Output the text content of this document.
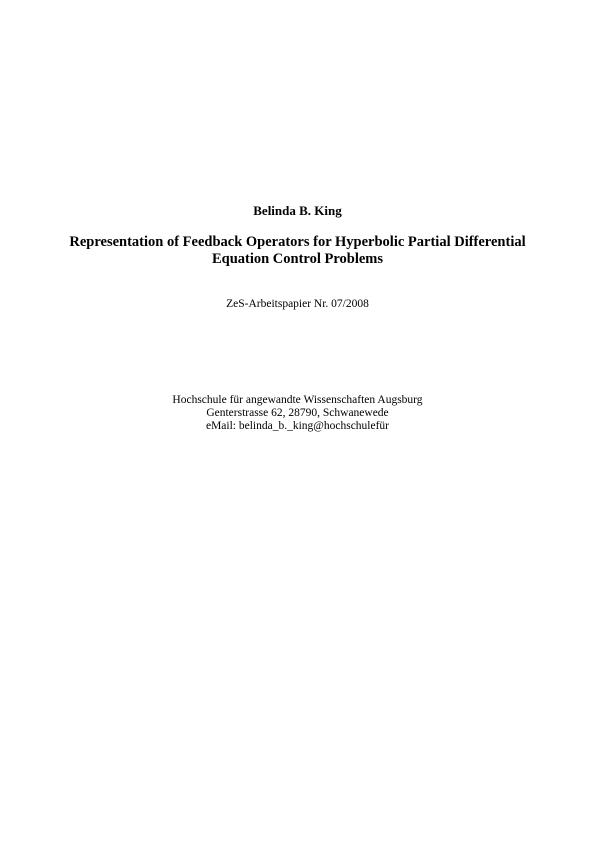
Belinda B. King
Representation of Feedback Operators for Hyperbolic Partial Differential
Equation Control Problems
ZeS-Arbeitspapier Nr. 07/2008
Hochschule für angewandte Wissenschaften Augsburg
Genterstrasse 62, 28790, Schwanewede
eMail: belinda_b._king@hochschulefür
